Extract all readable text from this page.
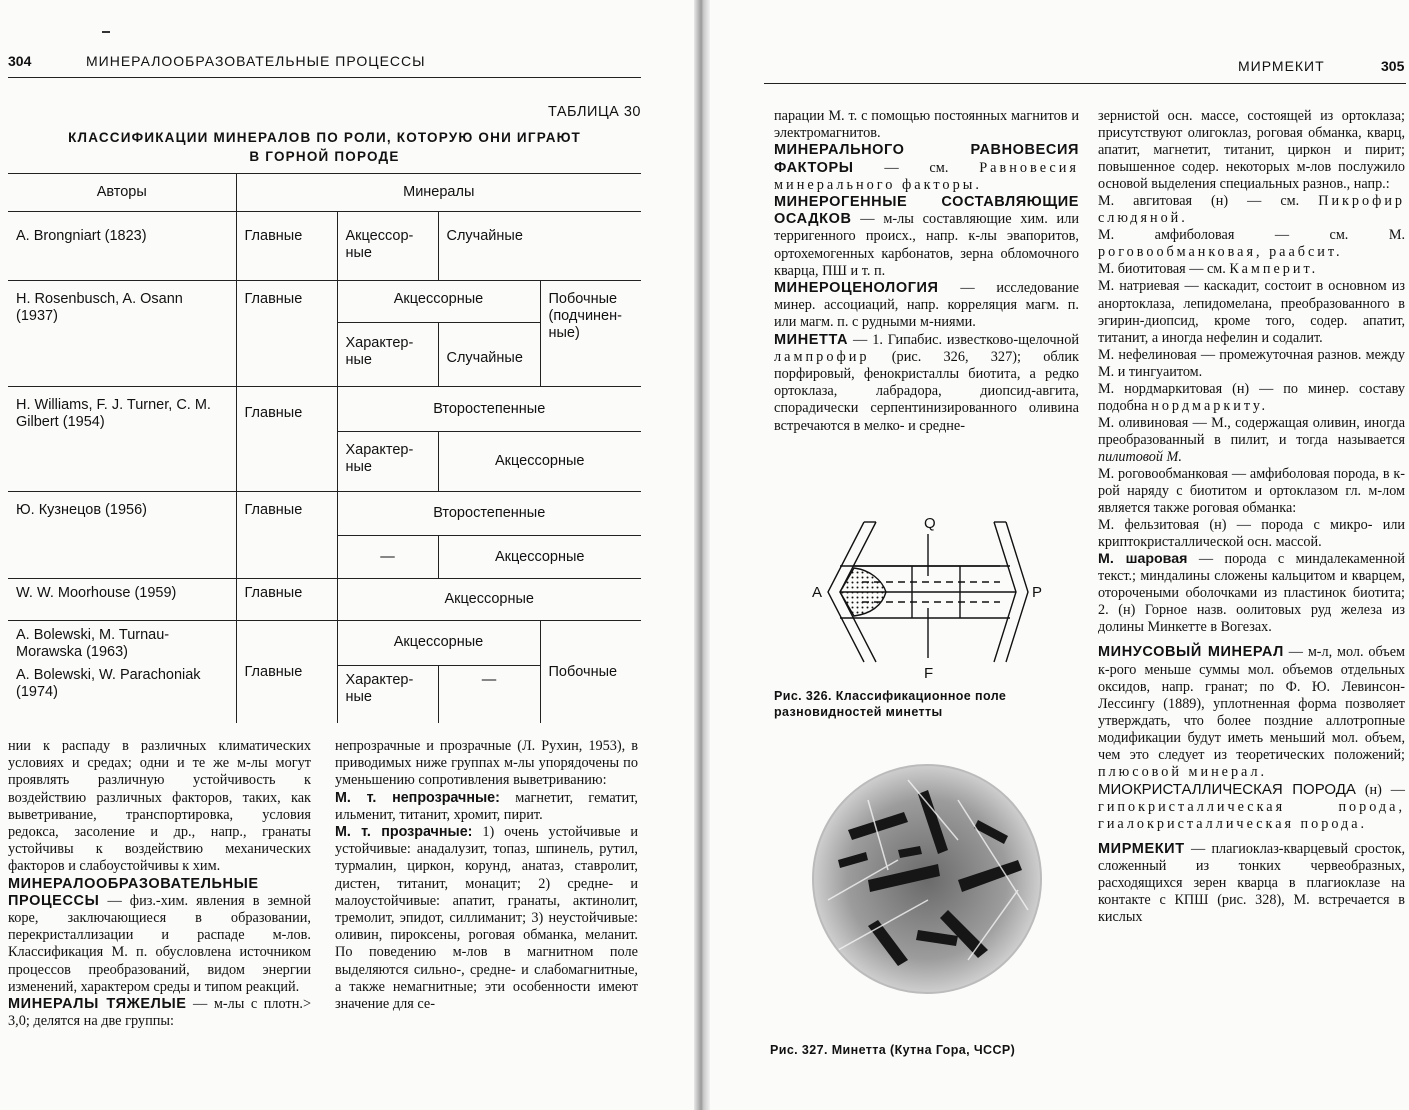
304	МИНЕРАЛООБРАЗОВАТЕЛЬНЫЕ ПРОЦЕССЫ
ТАБЛИЦА 30
КЛАССИФИКАЦИИ МИНЕРАЛОВ ПО РОЛИ, КОТОРУЮ ОНИ ИГРАЮТ
В ГОРНОЙ ПОРОДЕ
Авторы	Минералы			
A. Brongniart (1823)	Главные	Акцессор-ные	Случайные	
H. Rosenbusch, A. Osann (1937)	Главные	Акцессорные		Побочные (подчинен-ные)
		Характер-ные	Случайные	
H. Williams, F. J. Turner, C. M. Gilbert (1954)	Главные	Второстепенные		
		Характер-ные	Акцессорные	
Ю. Кузнецов (1956)	Главные	Второстепенные		
		—	Акцессорные	
W. W. Moorhouse (1959)	Главные	Акцессорные		
A. Bolewski, M. Turnau-Morawska (1963)	Главные	Акцессорные		Побочные
A. Bolewski, W. Parachoniak (1974)		Характер-ные	—	

нии к распаду в различных климатических условиях и средах; одни и те же м-лы могут проявлять различную устойчивость к воздействию различных факторов, таких, как выветривание, транспортировка, условия редокса, засоление и др., напр., гранаты устойчивы к воздействию механических факторов и слабоустойчивы к хим.

МИНЕРАЛООБРАЗОВАТЕЛЬНЫЕ ПРОЦЕССЫ — физ.-хим. явления в земной коре, заключающиеся в образовании, перекристаллизации и распаде м-лов. Классификация М. п. обусловлена источником процессов преобразований, видом энергии изменений, характером среды и типом реакций.

МИНЕРАЛЫ ТЯЖЕЛЫЕ — м-лы с плотн.> 3,0; делятся на две группы:

непрозрачные и прозрачные (Л. Рухин, 1953), в приводимых ниже группах м-лы упорядочены по уменьшению сопротивления выветриванию:

М. т. непрозрачные: магнетит, гематит, ильменит, титанит, хромит, пирит.

М. т. прозрачные: 1) очень устойчивые и устойчивые: анадалузит, топаз, шпинель, рутил, турмалин, циркон, корунд, анатаз, ставролит, дистен, титанит, монацит; 2) средне- и малоустойчивые: апатит, гранаты, актинолит, тремолит, эпидот, силлиманит; 3) неустойчивые: оливин, пироксены, роговая обманка, меланит. По поведению м-лов в магнитном поле выделяются сильно-, средне- и слабомагнитные, а также немагнитные; эти особенности имеют значение для се-

МИРМЕКИТ	305

парации М. т. с помощью постоянных магнитов и электромагнитов.

МИНЕРАЛЬНОГО РАВНОВЕСИЯ ФАКТОРЫ — см. Равновесия минерального факторы.

МИНЕРОГЕННЫЕ СОСТАВЛЯЮЩИЕ ОСАДКОВ — м-лы составляющие хим. или терригенного происх., напр. к-лы эвапоритов, ортохемогенных карбонатов, зерна обломочного кварца, ПШ и т. п.

МИНЕРОЦЕНОЛОГИЯ — исследование минер. ассоциаций, напр. корреляция магм. п. или магм. п. с рудными м-ниями.

МИНЕТТА — 1. Гипабис. известково-щелочной лампрофир (рис. 326, 327); облик порфировый, фенокристаллы биотита, а редко ортоклаза, лабрадора, диопсид-авгита, спорадически серпентинизированного оливина встречаются в мелко- и средне-

Q
A	P
F
Рис. 326. Классификационное поле разновидностей минетты
Рис. 327. Минетта (Кутна Гора, ЧССР)

зернистой осн. массе, состоящей из ортоклаза; присутствуют олигоклаз, роговая обманка, кварц, апатит, магнетит, титанит, циркон и пирит; повышенное содер. некоторых м-лов послужило основой выделения специальных разнов., напр.:

М. авгитовая (н) — см. Пикрофир слюдяной.

М. амфиболовая — см. М. роговообманковая, раабсит.

М. биотитовая — см. Камперит.

М. натриевая — каскадит, состоит в основном из анортоклаза, лепидомелана, преобразованного в эгирин-диопсид, кроме того, содер. апатит, титанит, а иногда нефелин и содалит.

М. нефелиновая — промежуточная разнов. между М. и тингуаитом.

М. нордмаркитовая (н) — по минер. составу подобна нордмаркиту.

М. оливиновая — М., содержащая оливин, иногда преобразованный в пилит, и тогда называется пилитовой М.

М. роговообманковая — амфиболовая порода, в к-рой наряду с биотитом и ортоклазом гл. м-лом является также роговая обманка:

М. фельзитовая (н) — порода с микро- или криптокристаллической осн. массой.

М. шаровая — порода с миндалекаменной текст.; миндалины сложены кальцитом и кварцем, оторочеными оболочками из пластинок биотита; 2. (н) Горное назв. оолитовых руд железа из долины Минкетте в Вогезах.

МИНУСОВЫЙ МИНЕРАЛ — м-л, мол. объем к-рого меньше суммы мол. объемов отдельных оксидов, напр. гранат; по Ф. Ю. Левинсон-Лессингу (1889), уплотненная форма позволяет утверждать, что более поздние аллотропные модификации будут иметь меньший мол. объем, чем это следует из теоретических положений; плюсовой минерал.

МИОКРИСТАЛЛИЧЕСКАЯ ПОРОДА (н) — гипокристаллическая порода, гиалокристаллическая порода.

МИРМЕКИТ — плагиоклаз-кварцевый сросток, сложенный из тонких червеобразных, расходящихся зерен кварца в плагиоклазе на контакте с КПШ (рис. 328), М. встречается в кислых
